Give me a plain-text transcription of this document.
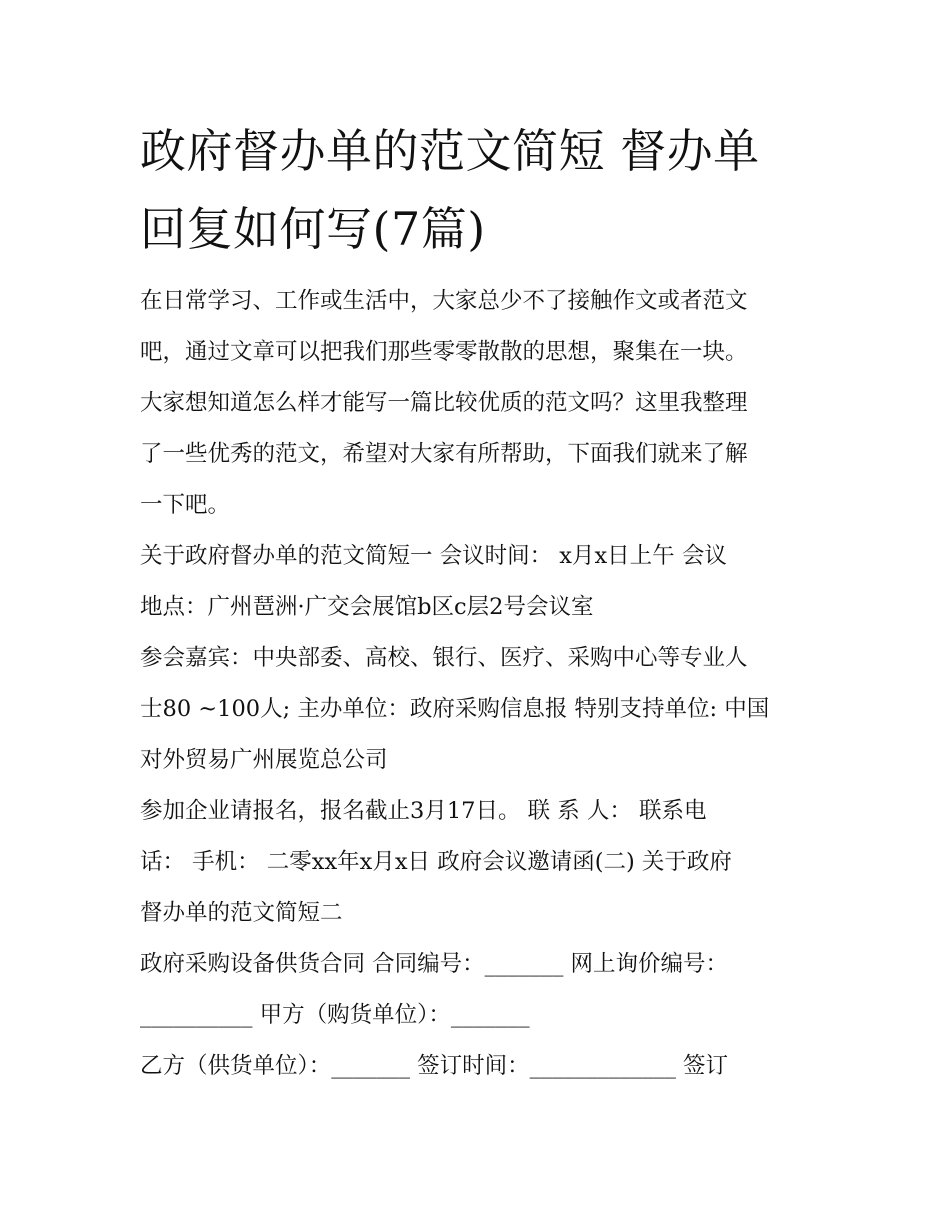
政府督办单的范文简短 督办单
回复如何写(7篇)
在日常学习、工作或生活中，大家总少不了接触作文或者范文
吧，通过文章可以把我们那些零零散散的思想，聚集在一块。
大家想知道怎么样才能写一篇比较优质的范文吗？这里我整理
了一些优秀的范文，希望对大家有所帮助，下面我们就来了解
一下吧。
关于政府督办单的范文简短一 会议时间： x月x日上午 会议
地点：广州琶洲·广交会展馆b区c层2号会议室
参会嘉宾：中央部委、高校、银行、医疗、采购中心等专业人
士80 ~100人; 主办单位：政府采购信息报 特别支持单位: 中国
对外贸易广州展览总公司
参加企业请报名，报名截止3月17日。 联 系 人： 联系电
话： 手机： 二零xx年x月x日 政府会议邀请函(二) 关于政府
督办单的范文简短二
政府采购设备供货合同 合同编号：_______ 网上询价编号：
__________ 甲方（购货单位）：_______
乙方（供货单位）：_______ 签订时间：_____________ 签订
